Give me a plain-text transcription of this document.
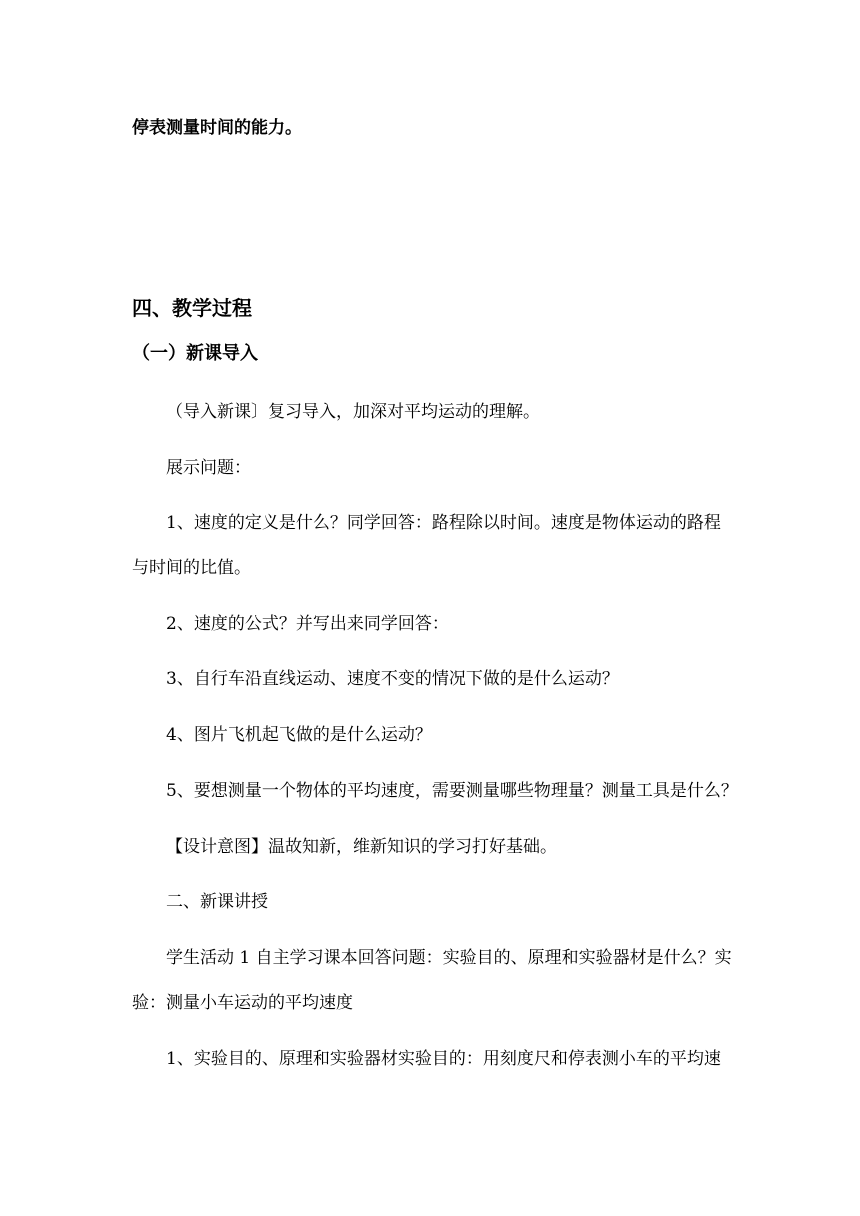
停表测量时间的能力。
四、教学过程
（一）新课导入
（导入新课〕复习导入，加深对平均运动的理解。
展示问题：
1、速度的定义是什么？同学回答：路程除以时间。速度是物体运动的路程
与时间的比值。
2、速度的公式？并写出来同学回答：
3、自行车沿直线运动、速度不变的情况下做的是什么运动？
4、图片飞机起飞做的是什么运动？
5、要想测量一个物体的平均速度，需要测量哪些物理量？测量工具是什么？
【设计意图】温故知新，维新知识的学习打好基础。
二、新课讲授
学生活动 1 自主学习课本回答问题：实验目的、原理和实验器材是什么？实
验：测量小车运动的平均速度
1、实验目的、原理和实验器材实验目的：用刻度尺和停表测小车的平均速
